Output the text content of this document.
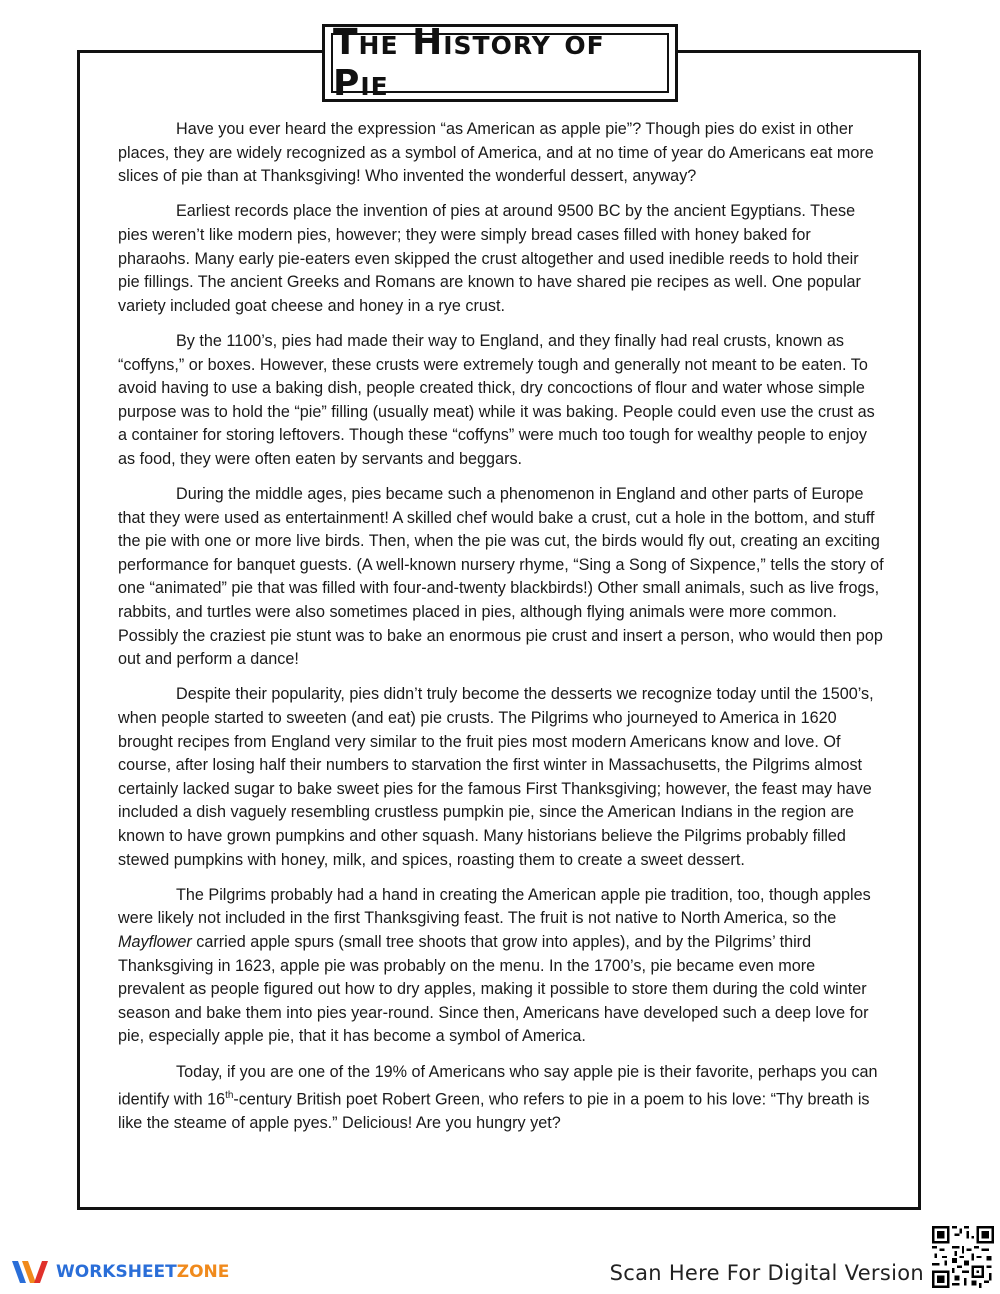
The History of Pie

Have you ever heard the expression “as American as apple pie”? Though pies do exist in other places, they are widely recognized as a symbol of America, and at no time of year do Americans eat more slices of pie than at Thanksgiving! Who invented the wonderful dessert, anyway?

Earliest records place the invention of pies at around 9500 BC by the ancient Egyptians. These pies weren’t like modern pies, however; they were simply bread cases filled with honey baked for pharaohs. Many early pie-eaters even skipped the crust altogether and used inedible reeds to hold their pie fillings. The ancient Greeks and Romans are known to have shared pie recipes as well. One popular variety included goat cheese and honey in a rye crust.

By the 1100’s, pies had made their way to England, and they finally had real crusts, known as “coffyns,” or boxes. However, these crusts were extremely tough and generally not meant to be eaten. To avoid having to use a baking dish, people created thick, dry concoctions of flour and water whose simple purpose was to hold the “pie” filling (usually meat) while it was baking. People could even use the crust as a container for storing leftovers. Though these “coffyns” were much too tough for wealthy people to enjoy as food, they were often eaten by servants and beggars.

During the middle ages, pies became such a phenomenon in England and other parts of Europe that they were used as entertainment! A skilled chef would bake a crust, cut a hole in the bottom, and stuff the pie with one or more live birds. Then, when the pie was cut, the birds would fly out, creating an exciting performance for banquet guests. (A well-known nursery rhyme, “Sing a Song of Sixpence,” tells the story of one “animated” pie that was filled with four-and-twenty blackbirds!) Other small animals, such as live frogs, rabbits, and turtles were also sometimes placed in pies, although flying animals were more common. Possibly the craziest pie stunt was to bake an enormous pie crust and insert a person, who would then pop out and perform a dance!

Despite their popularity, pies didn’t truly become the desserts we recognize today until the 1500’s, when people started to sweeten (and eat) pie crusts. The Pilgrims who journeyed to America in 1620 brought recipes from England very similar to the fruit pies most modern Americans know and love. Of course, after losing half their numbers to starvation the first winter in Massachusetts, the Pilgrims almost certainly lacked sugar to bake sweet pies for the famous First Thanksgiving; however, the feast may have included a dish vaguely resembling crustless pumpkin pie, since the American Indians in the region are known to have grown pumpkins and other squash. Many historians believe the Pilgrims probably filled stewed pumpkins with honey, milk, and spices, roasting them to create a sweet dessert.

The Pilgrims probably had a hand in creating the American apple pie tradition, too, though apples were likely not included in the first Thanksgiving feast. The fruit is not native to North America, so the Mayflower carried apple spurs (small tree shoots that grow into apples), and by the Pilgrims’ third Thanksgiving in 1623, apple pie was probably on the menu. In the 1700’s, pie became even more prevalent as people figured out how to dry apples, making it possible to store them during the cold winter season and bake them into pies year-round. Since then, Americans have developed such a deep love for pie, especially apple pie, that it has become a symbol of America.

Today, if you are one of the 19% of Americans who say apple pie is their favorite, perhaps you can identify with 16th-century British poet Robert Green, who refers to pie in a poem to his love: “Thy breath is like the steame of apple pyes.” Delicious! Are you hungry yet?

WORKSHEETZONE	Scan Here For Digital Version
